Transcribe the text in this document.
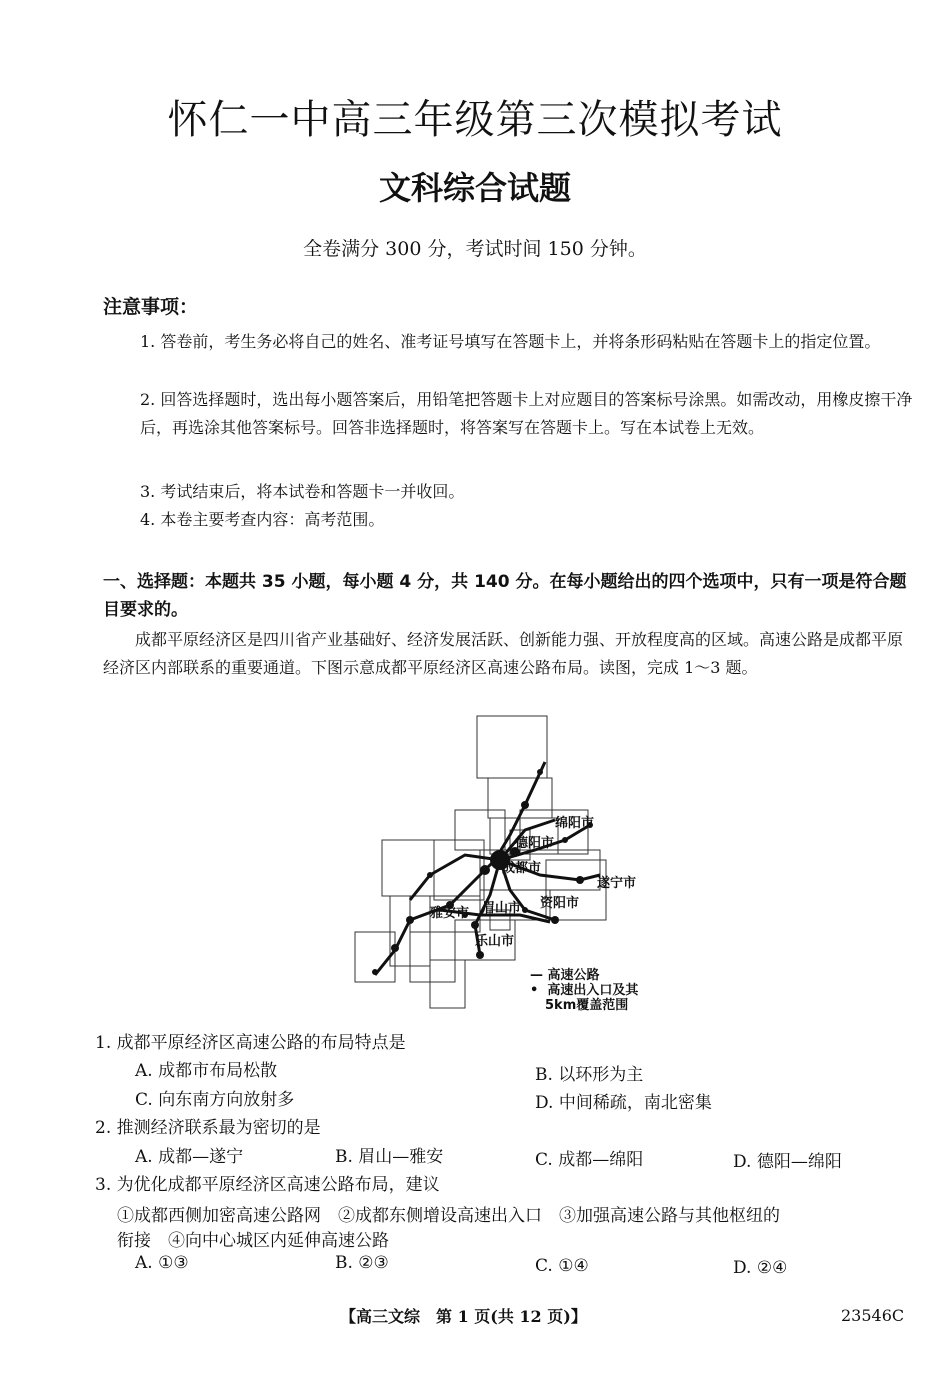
怀仁一中高三年级第三次模拟考试
文科综合试题
全卷满分 300 分，考试时间 150 分钟。
注意事项：
1. 答卷前，考生务必将自己的姓名、准考证号填写在答题卡上，并将条形码粘贴在答题卡上的指定位置。
2. 回答选择题时，选出每小题答案后，用铅笔把答题卡上对应题目的答案标号涂黑。如需改动，用橡皮擦干净后，再选涂其他答案标号。回答非选择题时，将答案写在答题卡上。写在本试卷上无效。
3. 考试结束后，将本试卷和答题卡一并收回。
4. 本卷主要考查内容：高考范围。
一、选择题：本题共 35 小题，每小题 4 分，共 140 分。在每小题给出的四个选项中，只有一项是符合题目要求的。
成都平原经济区是四川省产业基础好、经济发展活跃、创新能力强、开放程度高的区域。高速公路是成都平原经济区内部联系的重要通道。下图示意成都平原经济区高速公路布局。读图，完成 1～3 题。
绵阳市
德阳市
成都市
遂宁市
雅安市 眉山市 资阳市
乐山市
— 高速公路
•  高速出入口及其
5km覆盖范围
1. 成都平原经济区高速公路的布局特点是
A. 成都市布局松散	B. 以环形为主
C. 向东南方向放射多	D. 中间稀疏，南北密集
2. 推测经济联系最为密切的是
A. 成都—遂宁	B. 眉山—雅安	C. 成都—绵阳	D. 德阳—绵阳
3. 为优化成都平原经济区高速公路布局，建议
①成都西侧加密高速公路网　②成都东侧增设高速出入口　③加强高速公路与其他枢纽的
衔接　④向中心城区内延伸高速公路
A. ①③	B. ②③	C. ①④	D. ②④
【高三文综　第 1 页(共 12 页)】	23546C
